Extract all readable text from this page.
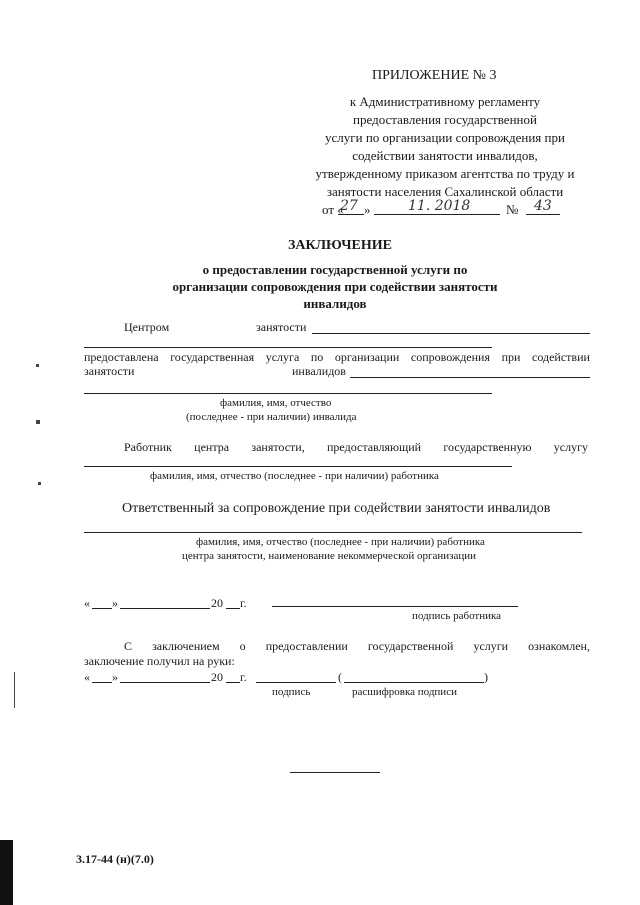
ПРИЛОЖЕНИЕ № 3
к Административному регламенту
предоставления государственной
услуги по организации сопровождения при
содействии занятости инвалидов,
утвержденному приказом агентства по труду и
занятости населения Сахалинской области
от «
27 »	11. 2018	№ 43
ЗАКЛЮЧЕНИЕ
о предоставлении государственной услуги по
организации сопровождения при содействии занятости
инвалидов
Центром	занятости
предоставлена государственная услуга по организации сопровождения при содействии
занятости	инвалидов
фамилия, имя, отчество
(последнее - при наличии) инвалида
Работник центра занятости, предоставляющий государственную услугу
фамилия, имя, отчество (последнее - при наличии) работника
Ответственный за сопровождение при содействии занятости инвалидов
фамилия, имя, отчество (последнее - при наличии) работника
центра занятости, наименование некоммерческой организации
« »	20 г.
подпись работника
С заключением о предоставлении государственной услуги ознакомлен,
заключение получил на руки:
« »	20 г.	(	)
подпись	расшифровка подписи
3.17-44 (н)(7.0)
